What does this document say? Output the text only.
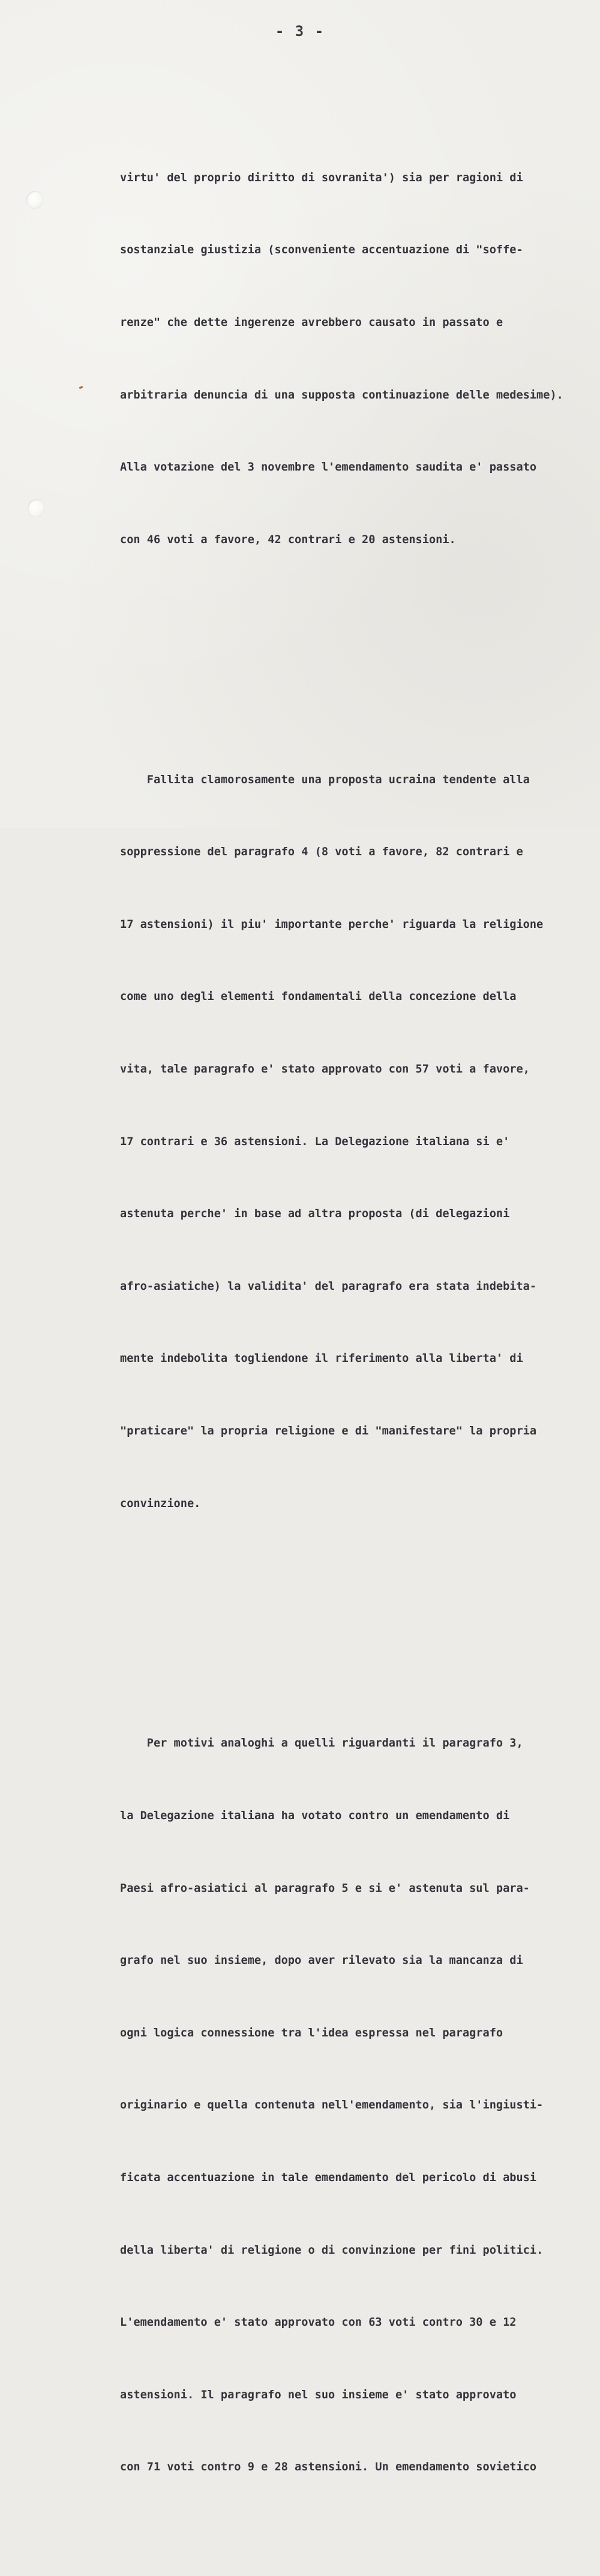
- 3 -

virtu' del proprio diritto di sovranita') sia per ragioni di

sostanziale giustizia (sconveniente accentuazione di "soffe-

renze" che dette ingerenze avrebbero causato in passato e

arbitraria denuncia di una supposta continuazione delle medesime).

Alla votazione del 3 novembre l'emendamento saudita e' passato

con 46 voti a favore, 42 contrari e 20 astensioni.

Fallita clamorosamente una proposta ucraina tendente alla

soppressione del paragrafo 4 (8 voti a favore, 82 contrari e

17 astensioni) il piu' importante perche' riguarda la religione

come uno degli elementi fondamentali della concezione della

vita, tale paragrafo e' stato approvato con 57 voti a favore,

17 contrari e 36 astensioni. La Delegazione italiana si e'

astenuta perche' in base ad altra proposta (di delegazioni

afro-asiatiche) la validita' del paragrafo era stata indebita-

mente indebolita togliendone il riferimento alla liberta' di

"praticare" la propria religione e di "manifestare" la propria

convinzione.

Per motivi analoghi a quelli riguardanti il paragrafo 3,

la Delegazione italiana ha votato contro un emendamento di

Paesi afro-asiatici al paragrafo 5 e si e' astenuta sul para-

grafo nel suo insieme, dopo aver rilevato sia la mancanza di

ogni logica connessione tra l'idea espressa nel paragrafo

originario e quella contenuta nell'emendamento, sia l'ingiusti-

ficata accentuazione in tale emendamento del pericolo di abusi

della liberta' di religione o di convinzione per fini politici.

L'emendamento e' stato approvato con 63 voti contro 30 e 12

astensioni. Il paragrafo nel suo insieme e' stato approvato

con 71 voti contro 9 e 28 astensioni. Un emendamento sovietico
